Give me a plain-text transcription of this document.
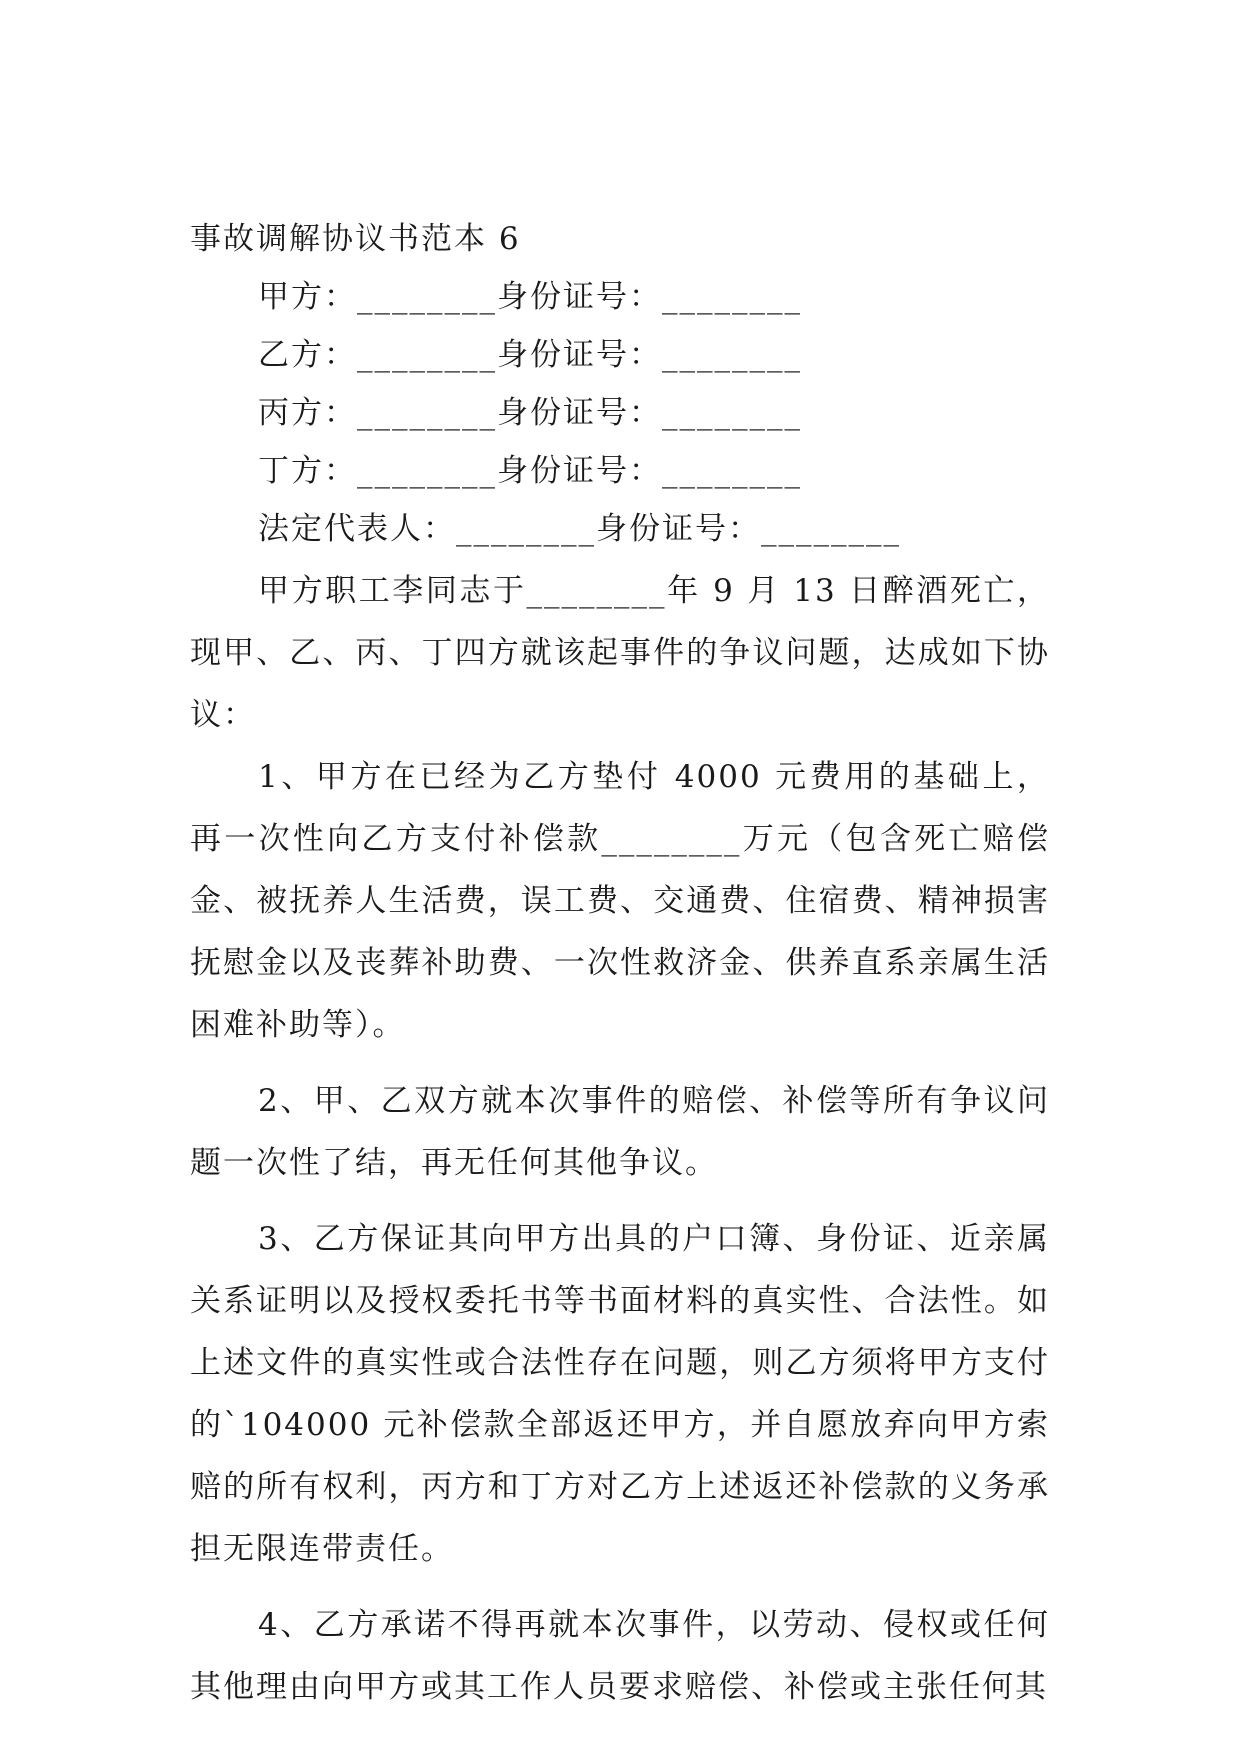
事故调解协议书范本 6
甲方：________身份证号：________
乙方：________身份证号：________
丙方：________身份证号：________
丁方：________身份证号：________
法定代表人：________身份证号：________

甲方职工李同志于________年 9 月 13 日醉酒死亡，现甲、乙、丙、丁四方就该起事件的争议问题，达成如下协议：

1、甲方在已经为乙方垫付 4000 元费用的基础上，再一次性向乙方支付补偿款________万元（包含死亡赔偿金、被抚养人生活费，误工费、交通费、住宿费、精神损害抚慰金以及丧葬补助费、一次性救济金、供养直系亲属生活困难补助等）。

2、甲、乙双方就本次事件的赔偿、补偿等所有争议问题一次性了结，再无任何其他争议。

3、乙方保证其向甲方出具的户口簿、身份证、近亲属关系证明以及授权委托书等书面材料的真实性、合法性。如上述文件的真实性或合法性存在问题，则乙方须将甲方支付的`104000 元补偿款全部返还甲方，并自愿放弃向甲方索赔的所有权利，丙方和丁方对乙方上述返还补偿款的义务承担无限连带责任。

4、乙方承诺不得再就本次事件，以劳动、侵权或任何其他理由向甲方或其工作人员要求赔偿、补偿或主张任何其
